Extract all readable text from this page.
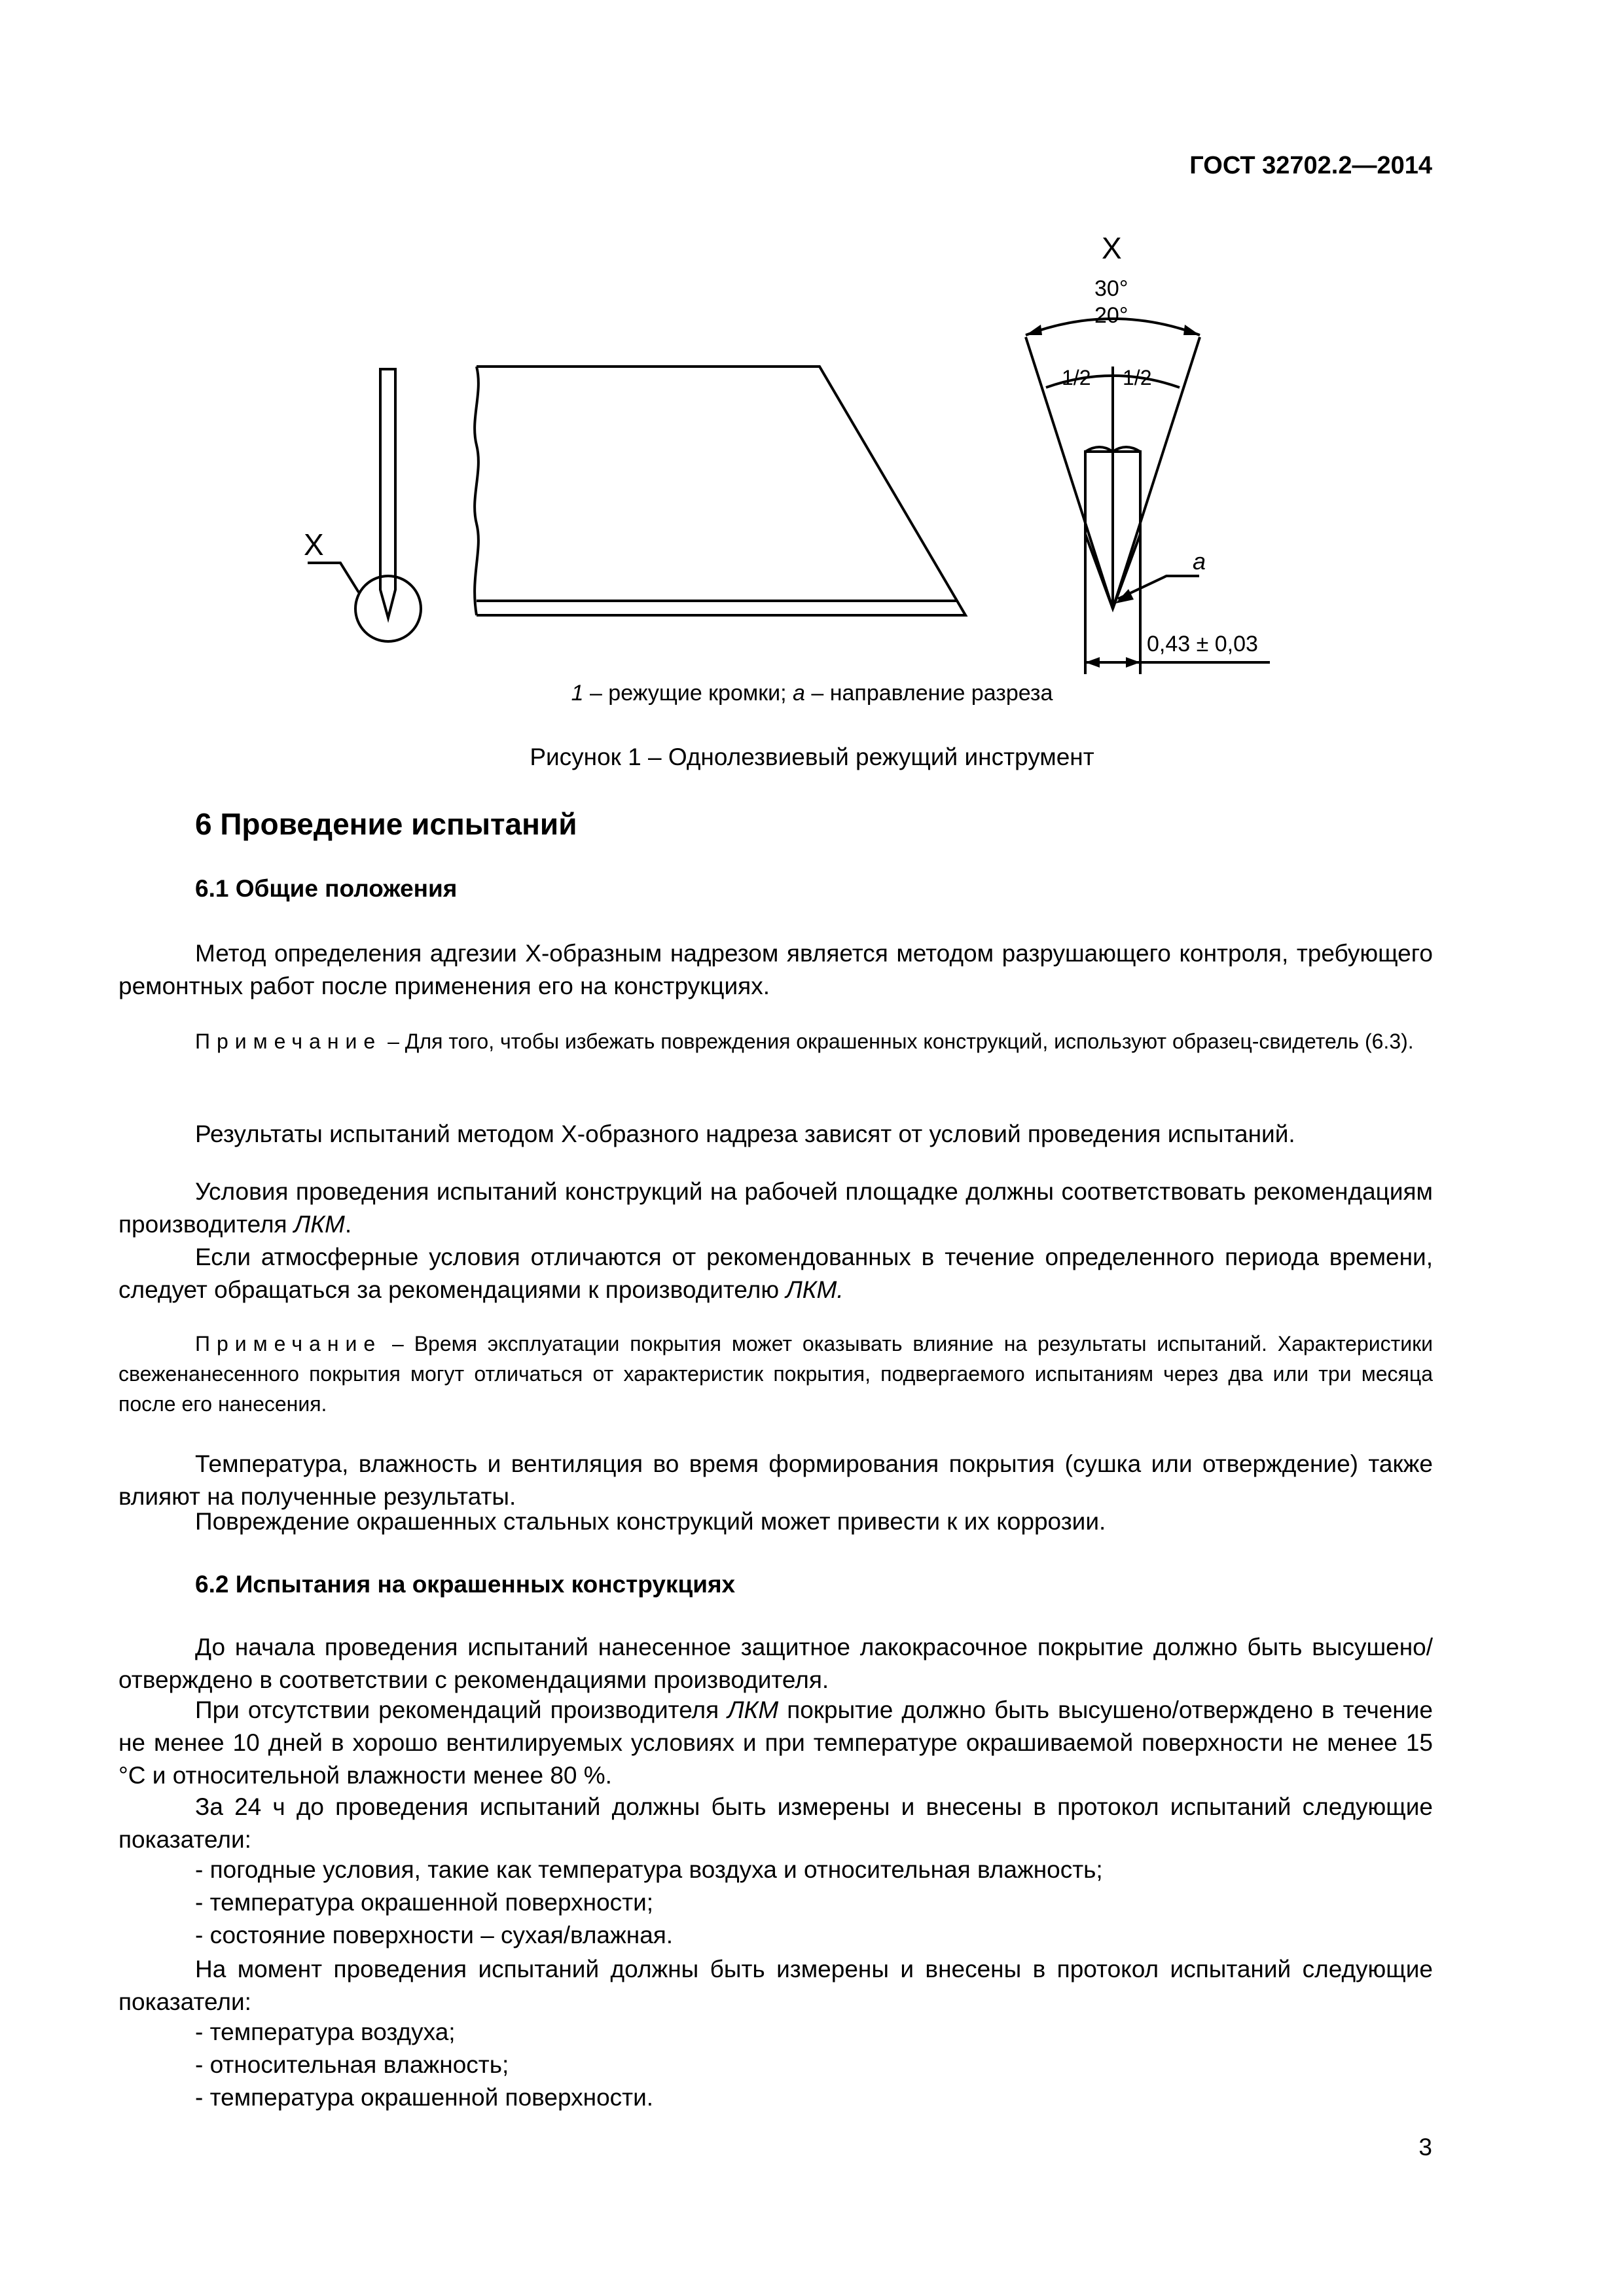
ГОСТ 32702.2—2014
X
X
30°
20°
1/2 1/2
a
0,43 ± 0,03
1 – режущие кромки; а – направление разреза
Рисунок 1 – Однолезвиевый режущий инструмент
6 Проведение испытаний
6.1 Общие положения
Метод определения адгезии Х-образным надрезом является методом разрушающего контроля, требующего ремонтных работ после применения его на конструкциях.
Примечание – Для того, чтобы избежать повреждения окрашенных конструкций, используют образец-свидетель (6.3).
Результаты испытаний методом Х-образного надреза зависят от условий проведения испытаний.
Условия проведения испытаний конструкций на рабочей площадке должны соответствовать рекомендациям производителя ЛКМ.
Если атмосферные условия отличаются от рекомендованных в течение определенного периода времени, следует обращаться за рекомендациями к производителю ЛКМ.
Примечание – Время эксплуатации покрытия может оказывать влияние на результаты испытаний. Характеристики свеженанесенного покрытия могут отличаться от характеристик покрытия, подвергаемого испытаниям через два или три месяца после его нанесения.
Температура, влажность и вентиляция во время формирования покрытия (сушка или отверждение) также влияют на полученные результаты.
Повреждение окрашенных стальных конструкций может привести к их коррозии.
6.2 Испытания на окрашенных конструкциях
До начала проведения испытаний нанесенное защитное лакокрасочное покрытие должно быть высушено/отверждено в соответствии с рекомендациями производителя.
При отсутствии рекомендаций производителя ЛКМ покрытие должно быть высушено/отверждено в течение не менее 10 дней в хорошо вентилируемых условиях и при температуре окрашиваемой поверхности не менее 15 °С и относительной влажности менее 80 %.
За 24 ч до проведения испытаний должны быть измерены и внесены в протокол испытаний следующие показатели:
- погодные условия, такие как температура воздуха и относительная влажность;
- температура окрашенной поверхности;
- состояние поверхности – сухая/влажная.
На момент проведения испытаний должны быть измерены и внесены в протокол испытаний следующие показатели:
- температура воздуха;
- относительная влажность;
- температура окрашенной поверхности.
3
